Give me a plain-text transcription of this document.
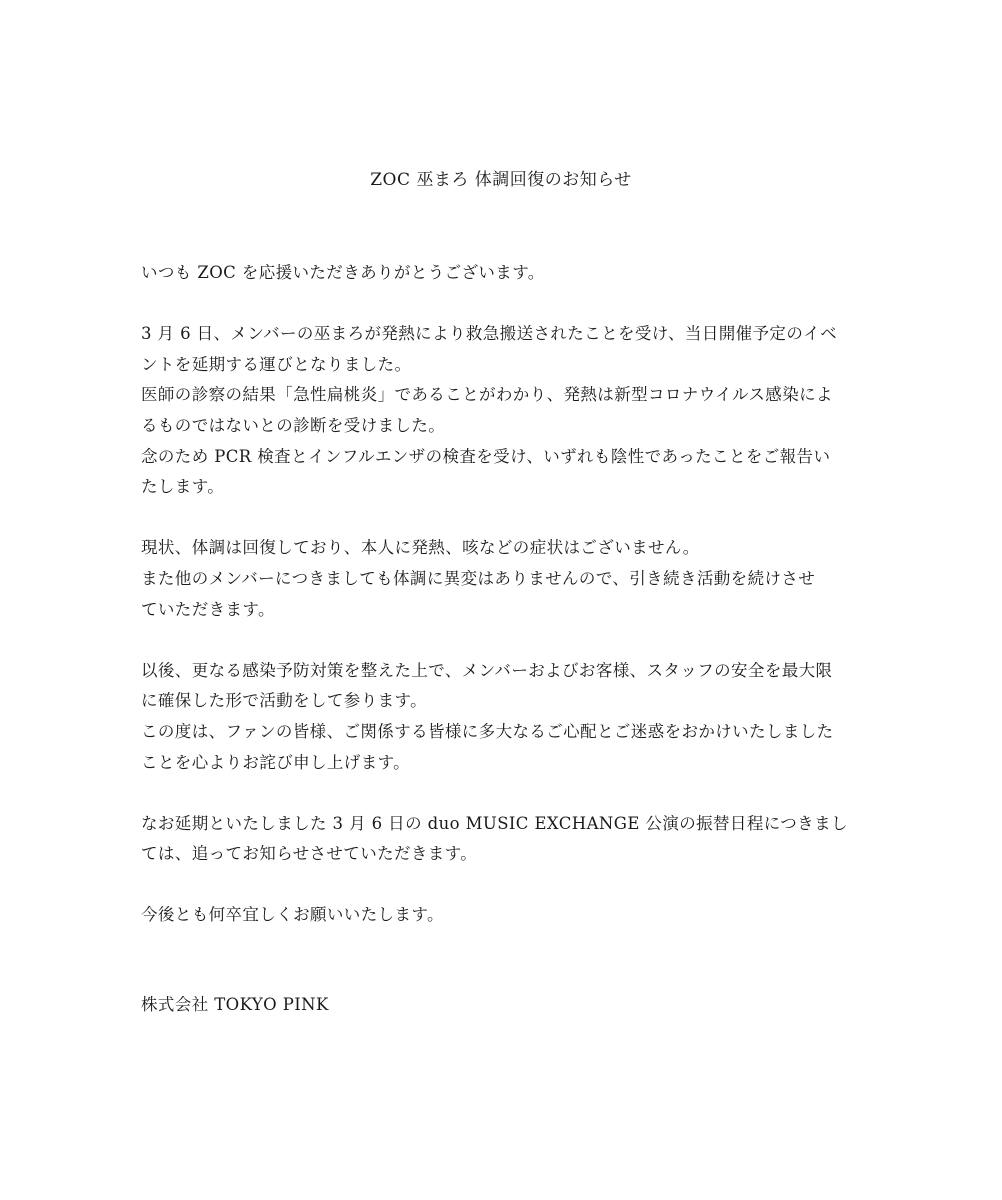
ZOC 巫まろ 体調回復のお知らせ

いつも ZOC を応援いただきありがとうございます。

3 月 6 日、メンバーの巫まろが発熱により救急搬送されたことを受け、当日開催予定のイベ
ントを延期する運びとなりました。
医師の診察の結果「急性扁桃炎」であることがわかり、発熱は新型コロナウイルス感染によ
るものではないとの診断を受けました。
念のため PCR 検査とインフルエンザの検査を受け、いずれも陰性であったことをご報告い
たします。

現状、体調は回復しており、本人に発熱、咳などの症状はございません。
また他のメンバーにつきましても体調に異変はありませんので、引き続き活動を続けさせ
ていただきます。

以後、更なる感染予防対策を整えた上で、メンバーおよびお客様、スタッフの安全を最大限
に確保した形で活動をして参ります。
この度は、ファンの皆様、ご関係する皆様に多大なるご心配とご迷惑をおかけいたしました
ことを心よりお詫び申し上げます。

なお延期といたしました 3 月 6 日の duo MUSIC EXCHANGE 公演の振替日程につきまし
ては、追ってお知らせさせていただきます。

今後とも何卒宜しくお願いいたします。

株式会社 TOKYO PINK
